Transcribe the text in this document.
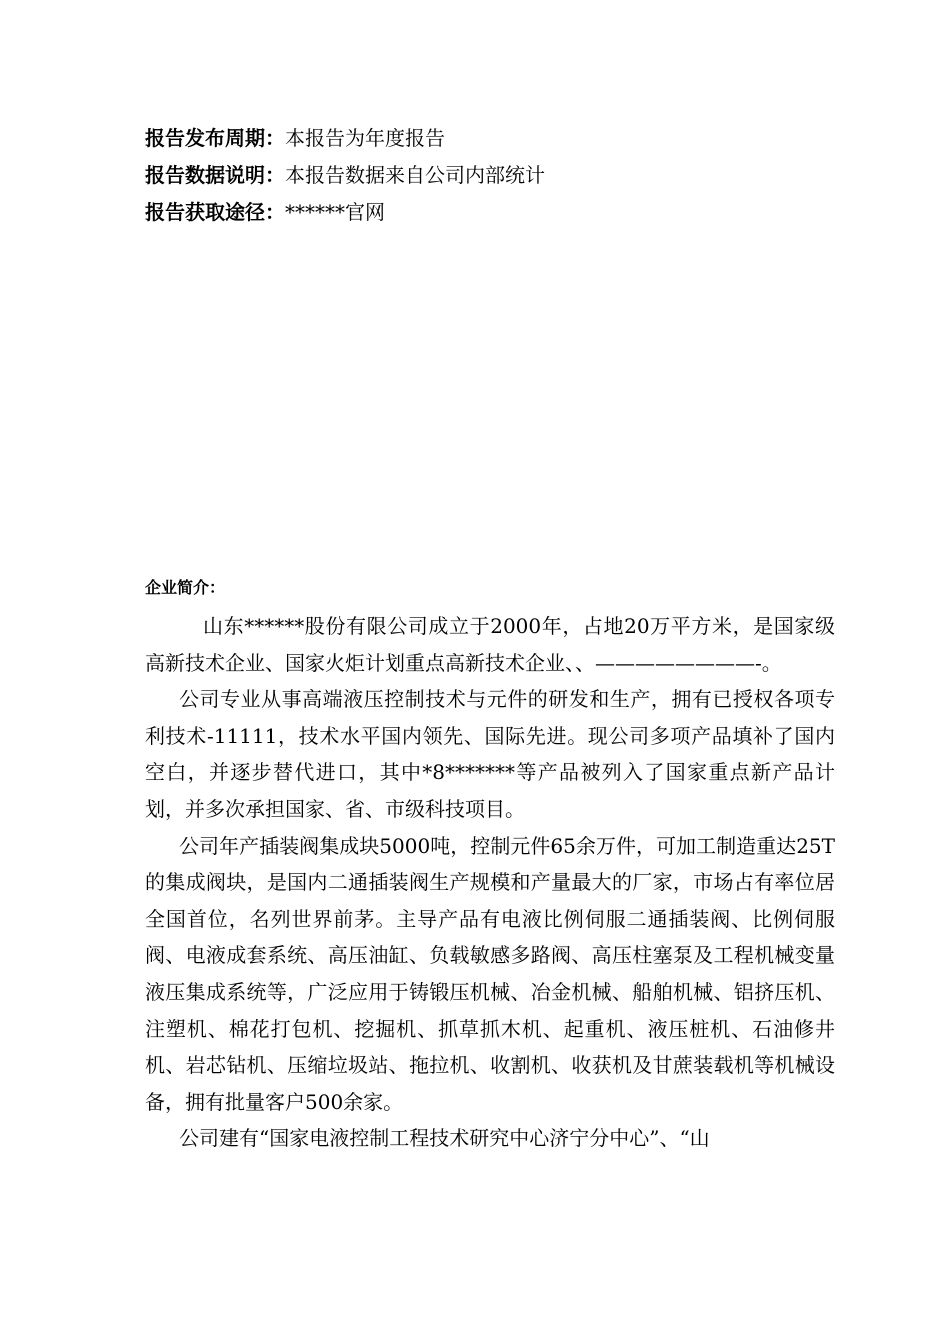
报告发布周期：本报告为年度报告
报告数据说明：本报告数据来自公司内部统计
报告获取途径：******官网

企业简介：

山东******股份有限公司成立于2000年，占地20万平方米，是国家级高新技术企业、国家火炬计划重点高新技术企业、、————————-。

公司专业从事高端液压控制技术与元件的研发和生产，拥有已授权各项专利技术-11111，技术水平国内领先、国际先进。现公司多项产品填补了国内空白，并逐步替代进口，其中*8*******等产品被列入了国家重点新产品计划，并多次承担国家、省、市级科技项目。

公司年产插装阀集成块5000吨，控制元件65余万件，可加工制造重达25T的集成阀块，是国内二通插装阀生产规模和产量最大的厂家，市场占有率位居全国首位，名列世界前茅。主导产品有电液比例伺服二通插装阀、比例伺服阀、电液成套系统、高压油缸、负载敏感多路阀、高压柱塞泵及工程机械变量液压集成系统等，广泛应用于铸锻压机械、冶金机械、船舶机械、铝挤压机、注塑机、棉花打包机、挖掘机、抓草抓木机、起重机、液压桩机、石油修井机、岩芯钻机、压缩垃圾站、拖拉机、收割机、收获机及甘蔗装载机等机械设备，拥有批量客户500余家。

公司建有“国家电液控制工程技术研究中心济宁分中心”、“山
